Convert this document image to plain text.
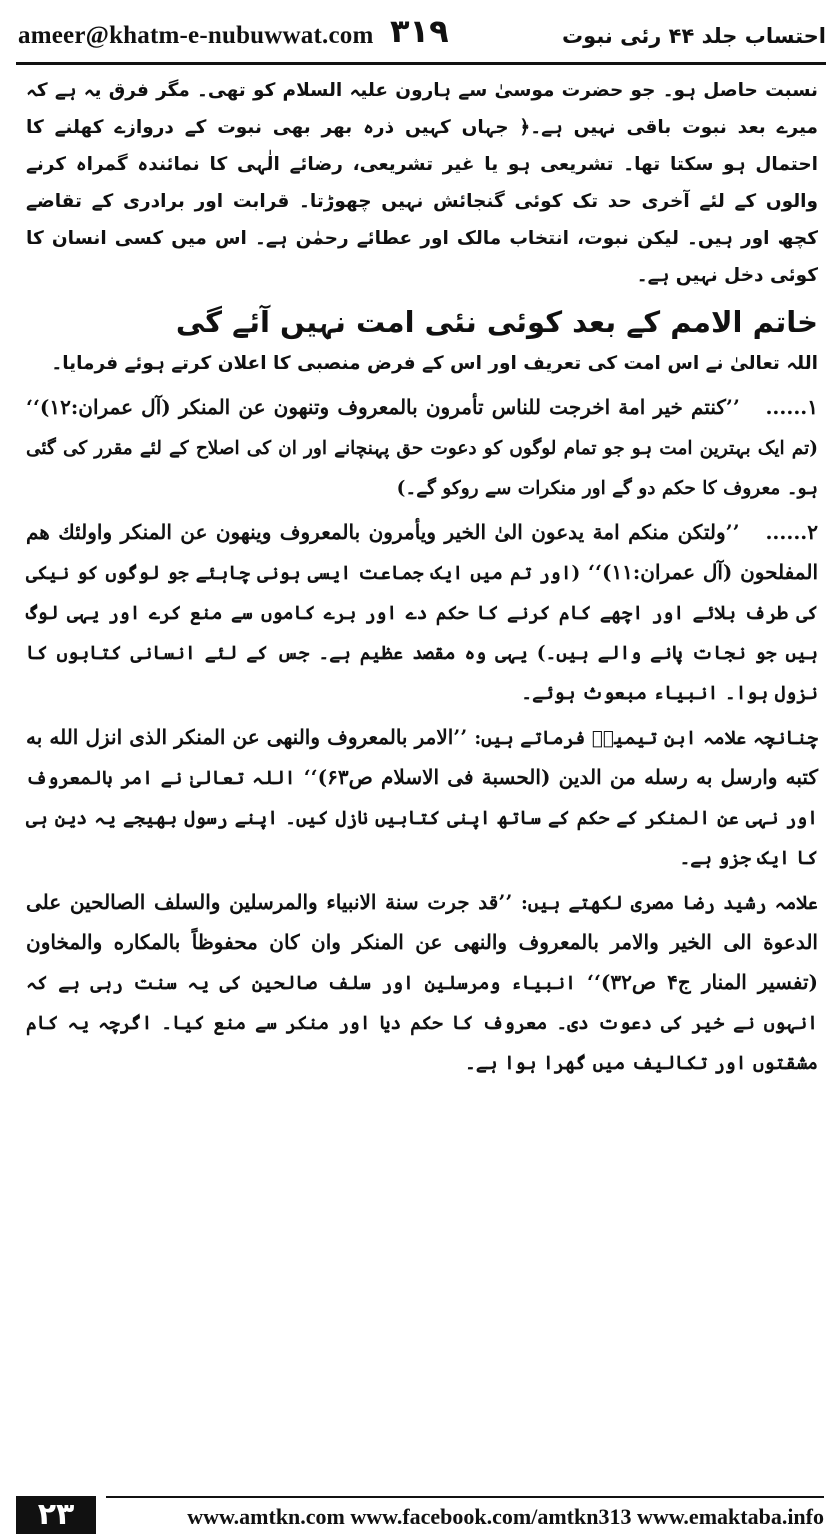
ameer@khatm-e-nubuwwat.com ٣١٩	احتساب جلد ۴۴ رئی نبوت

نسبت حاصل ہو۔ جو حضرت موسیٰ سے ہارون علیہ السلام کو تھی۔ مگر فرق یہ ہے کہ میرے بعد نبوت باقی نہیں ہے۔﴿ جہاں کہیں ذرہ بھر بھی نبوت کے دروازے کھلنے کا احتمال ہو سکتا تھا۔ تشریعی ہو یا غیر تشریعی، رضائے الٰہی کا نمائندہ گمراہ کرنے والوں کے لئے آخری حد تک کوئی گنجائش نہیں چھوڑتا۔ قرابت اور برادری کے تقاضے کچھ اور ہیں۔ لیکن نبوت، انتخاب مالک اور عطائے رحمٰن ہے۔ اس میں کسی انسان کا کوئی دخل نہیں ہے۔

خاتم الامم کے بعد کوئی نئی امت نہیں آئے گی

اللہ تعالیٰ نے اس امت کی تعریف اور اس کے فرض منصبی کا اعلان کرتے ہوئے فرمایا۔

۱...... ’’کنتم خیر امة اخرجت للناس تأمرون بالمعروف وتنهون عن المنکر (آل عمران:۱۲)‘‘ (تم ایک بہترین امت ہو جو تمام لوگوں کو دعوت حق پہنچانے اور ان کی اصلاح کے لئے مقرر کی گئی ہو۔ معروف کا حکم دو گے اور منکرات سے روکو گے۔)

۲...... ’’ولتکن منکم امة یدعون الیٰ الخیر ویأمرون بالمعروف وینهون عن المنکر واولئك هم المفلحون (آل عمران:۱۱)‘‘ (اور تم میں ایک جماعت ایسی ہونی چاہئے جو لوگوں کو نیکی کی طرف بلائے اور اچھے کام کرنے کا حکم دے اور برے کاموں سے منع کرے اور یہی لوگ ہیں جو نجات پانے والے ہیں۔) یہی وہ مقصد عظیم ہے۔ جس کے لئے انسانی کتابوں کا نزول ہوا۔ انبیاء مبعوث ہوئے۔

چنانچہ علامہ ابن تیمیہؒ فرماتے ہیں: ’’الامر بالمعروف والنهی عن المنکر الذی انزل الله به کتبه وارسل به رسله من الدین (الحسبة فی الاسلام ص۶۳)‘‘ اللہ تعالیٰ نے امر بالمعروف اور نہی عن المنکر کے حکم کے ساتھ اپنی کتابیں نازل کیں۔ اپنے رسول بھیجے یہ دین ہی کا ایک جزو ہے۔

علامہ رشید رضا مصری لکھتے ہیں: ’’قد جرت سنة الانبیاء والمرسلین والسلف الصالحین علی الدعوة الی الخیر والامر بالمعروف والنهی عن المنکر وان کان محفوظاً بالمکاره والمخاون (تفسیر المنار ج۴ ص۳۲)‘‘ انبیاء ومرسلین اور سلف صالحین کی یہ سنت رہی ہے کہ انہوں نے خیر کی دعوت دی۔ معروف کا حکم دیا اور منکر سے منع کیا۔ اگرچہ یہ کام مشقتوں اور تکالیف میں گھرا ہوا ہے۔

۲۳	www.amtkn.com www.facebook.com/amtkn313 www.emaktaba.info
